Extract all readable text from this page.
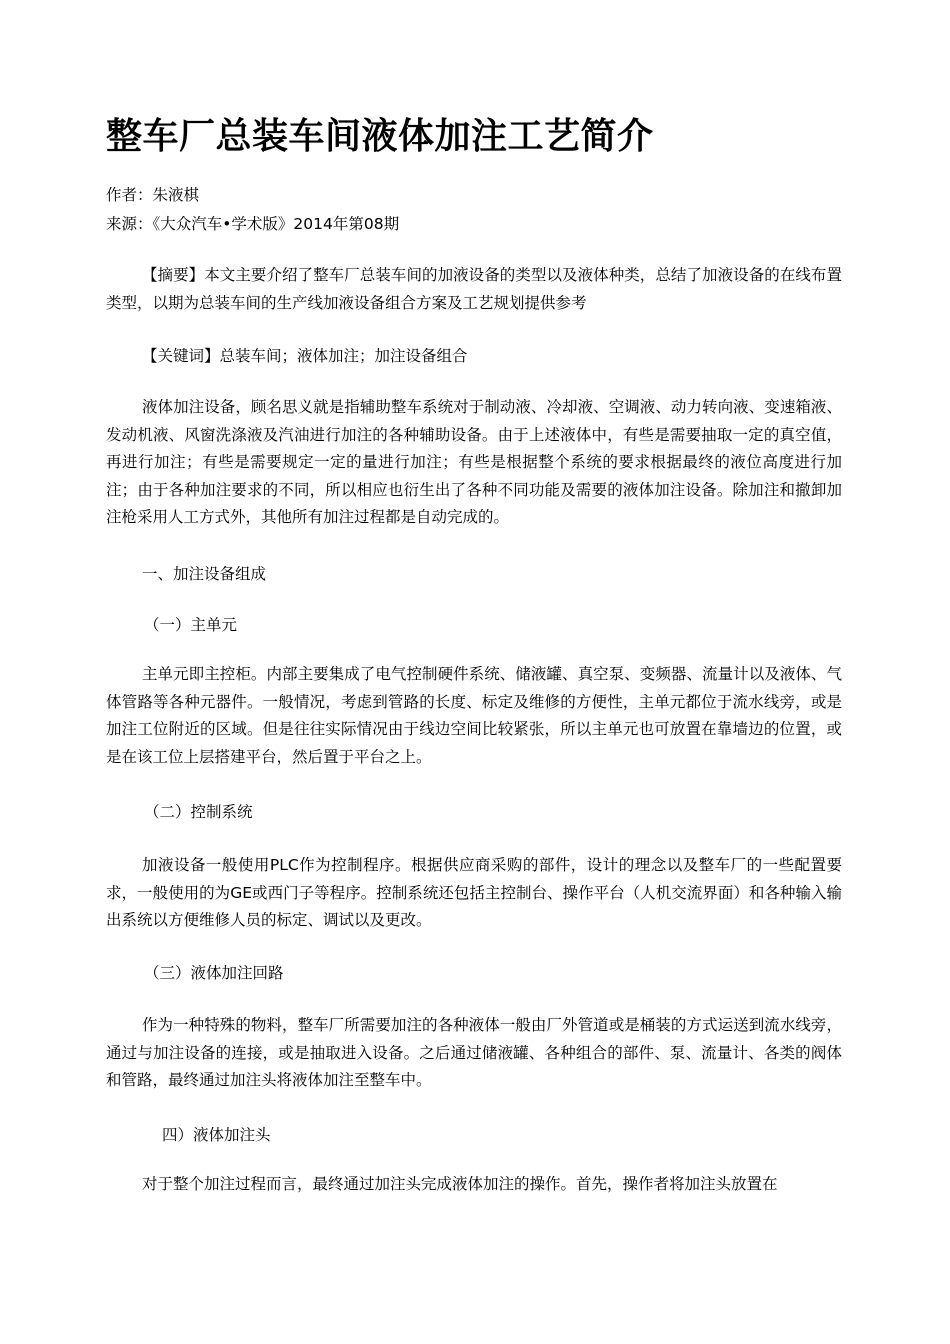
整车厂总装车间液体加注工艺简介
作者：朱液棋
来源：《大众汽车•学术版》2014年第08期
【摘要】本文主要介绍了整车厂总装车间的加液设备的类型以及液体种类，总结了加液设备的在线布置类型，以期为总装车间的生产线加液设备组合方案及工艺规划提供参考
【关键词】总装车间；液体加注；加注设备组合
液体加注设备，顾名思义就是指辅助整车系统对于制动液、冷却液、空调液、动力转向液、变速箱液、发动机液、风窗洗涤液及汽油进行加注的各种辅助设备。由于上述液体中，有些是需要抽取一定的真空值，再进行加注；有些是需要规定一定的量进行加注；有些是根据整个系统的要求根据最终的液位高度进行加注；由于各种加注要求的不同，所以相应也衍生出了各种不同功能及需要的液体加注设备。除加注和撤卸加注枪采用人工方式外，其他所有加注过程都是自动完成的。
一、加注设备组成
（一）主单元
主单元即主控柜。内部主要集成了电气控制硬件系统、储液罐、真空泵、变频器、流量计以及液体、气体管路等各种元器件。一般情况，考虑到管路的长度、标定及维修的方便性，主单元都位于流水线旁，或是加注工位附近的区域。但是往往实际情况由于线边空间比较紧张，所以主单元也可放置在靠墙边的位置，或是在该工位上层搭建平台，然后置于平台之上。
（二）控制系统
加液设备一般使用PLC作为控制程序。根据供应商采购的部件，设计的理念以及整车厂的一些配置要求，一般使用的为GE或西门子等程序。控制系统还包括主控制台、操作平台（人机交流界面）和各种输入输出系统以方便维修人员的标定、调试以及更改。
（三）液体加注回路
作为一种特殊的物料，整车厂所需要加注的各种液体一般由厂外管道或是桶装的方式运送到流水线旁，通过与加注设备的连接，或是抽取进入设备。之后通过储液罐、各种组合的部件、泵、流量计、各类的阀体和管路，最终通过加注头将液体加注至整车中。
四）液体加注头
对于整个加注过程而言，最终通过加注头完成液体加注的操作。首先，操作者将加注头放置在
